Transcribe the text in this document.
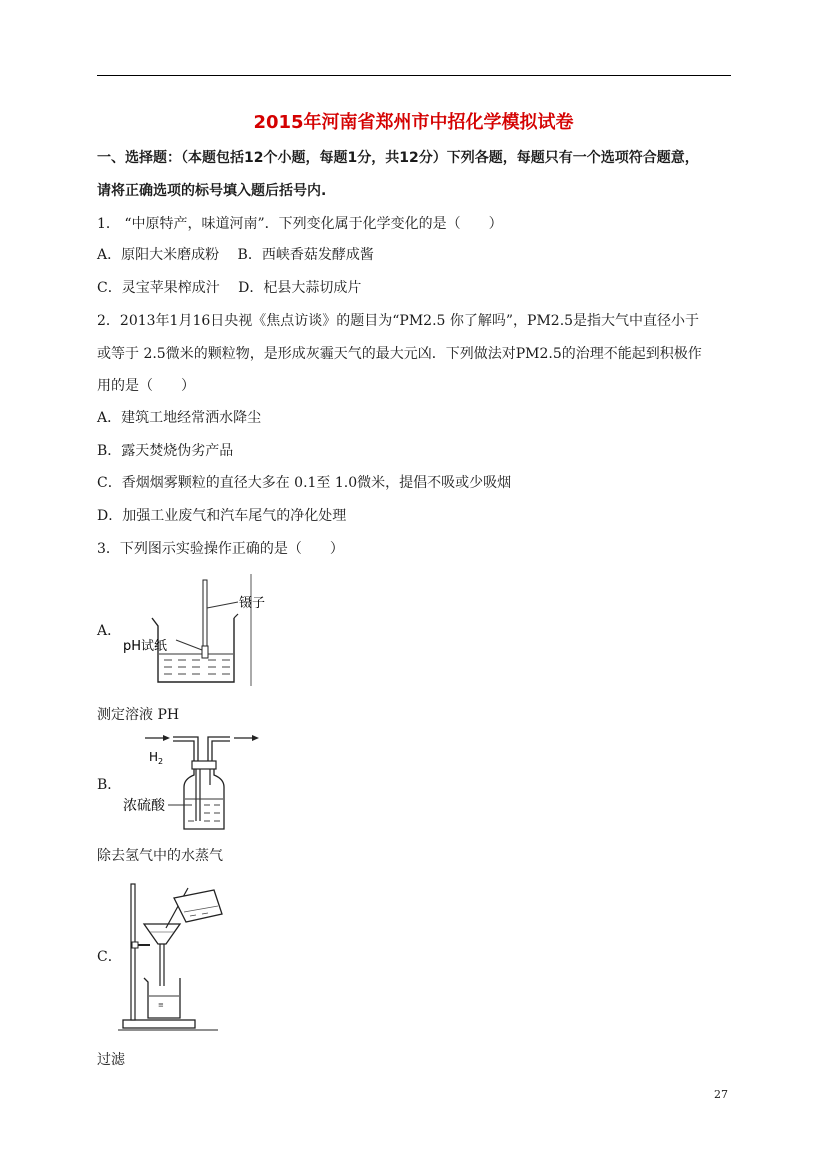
2015年河南省郑州市中招化学模拟试卷
一、选择题：（本题包括12个小题，每题1分，共12分）下列各题，每题只有一个选项符合题意，
请将正确选项的标号填入题后括号内.
1． “中原特产，味道河南”．下列变化属于化学变化的是（　　）
A．原阳大米磨成粉　 B．西峡香菇发酵成酱
C．灵宝苹果榨成汁　 D．杞县大蒜切成片
2．2013年1月16日央视《焦点访谈》的题目为“PM2.5 你了解吗”，PM2.5是指大气中直径小于
或等于 2.5微米的颗粒物，是形成灰霾天气的最大元凶．下列做法对PM2.5的治理不能起到积极作
用的是（　　）
A．建筑工地经常洒水降尘
B．露天焚烧伪劣产品
C．香烟烟雾颗粒的直径大多在 0.1至 1.0微米，提倡不吸或少吸烟
D．加强工业废气和汽车尾气的净化处理
3．下列图示实验操作正确的是（　　）
A．
镊子
pH试纸
测定溶液 PH
B．
$H_2$
浓硫酸
除去氢气中的水蒸气
C．
≡
过滤
27
